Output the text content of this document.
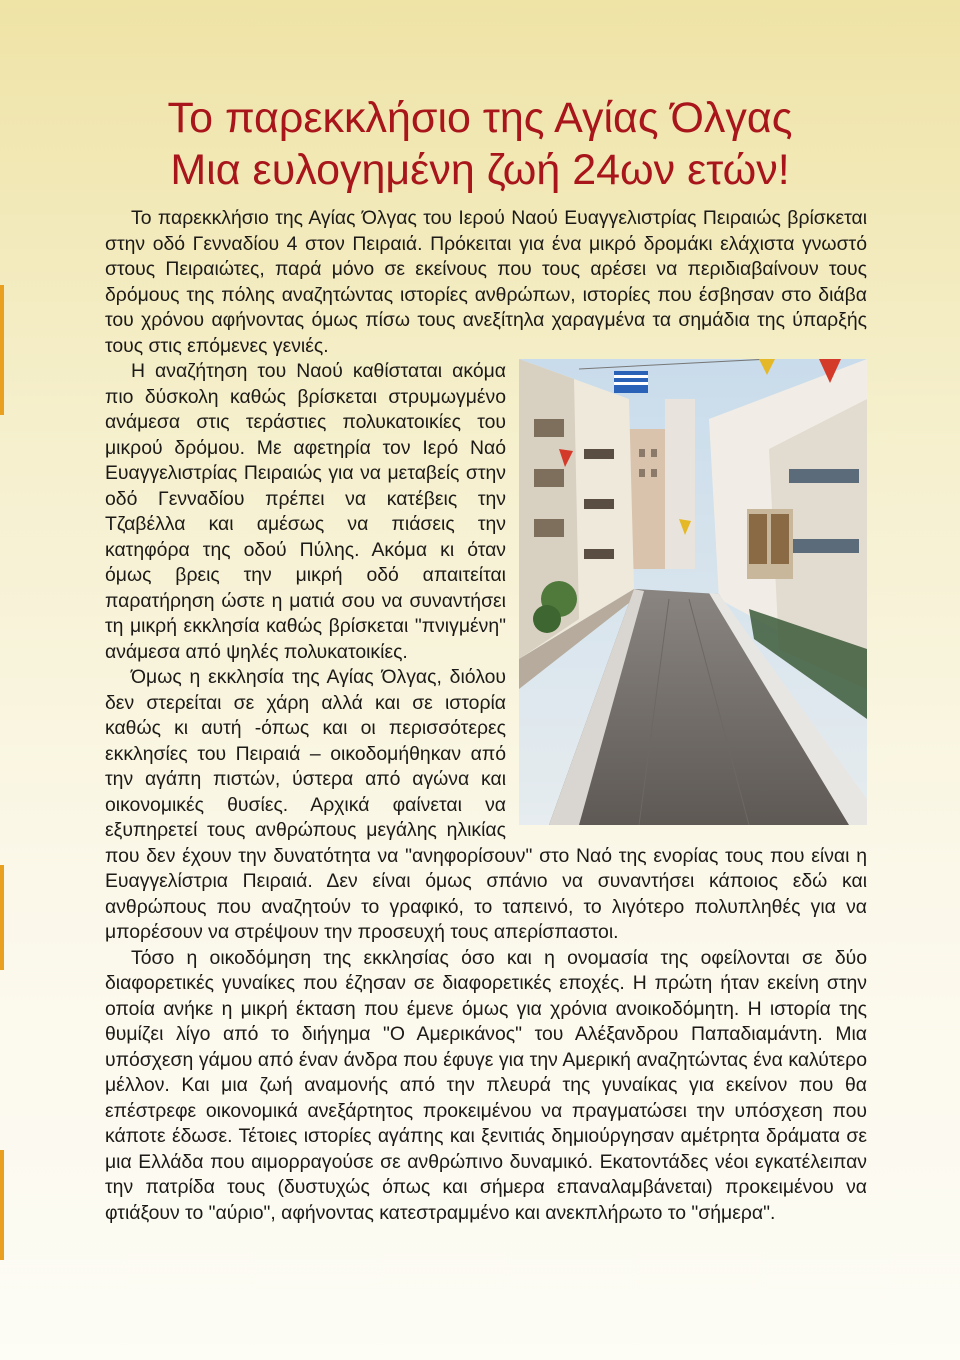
Το παρεκκλήσιο της Αγίας Όλγας
Μια ευλογημένη ζωή 24ων ετών!

Το παρεκκλήσιο της Αγίας Όλγας του Ιερού Ναού Ευαγγελιστρίας Πειραιώς βρίσκεται στην οδό Γενναδίου 4 στον Πειραιά. Πρόκειται για ένα μικρό δρομάκι ελάχιστα γνωστό στους Πειραιώτες, παρά μόνο σε εκείνους που τους αρέσει να περιδιαβαίνουν τους δρόμους της πόλης αναζητώντας ιστορίες ανθρώπων, ιστορίες που έσβησαν στο διάβα του χρόνου αφήνοντας όμως πίσω τους ανεξίτηλα χαραγμένα τα σημάδια της ύπαρξής τους στις επόμενες γενιές.

Η αναζήτηση του Ναού καθίσταται ακόμα πιο δύσκολη καθώς βρίσκεται στρυμωγμένο ανάμεσα στις τεράστιες πολυκατοικίες του μικρού δρόμου. Με αφετηρία τον Ιερό Ναό Ευαγγελιστρίας Πειραιώς για να μεταβείς στην οδό Γενναδίου πρέπει να κατέβεις την Τζαβέλλα και αμέσως να πιάσεις την κατηφόρα της οδού Πύλης. Ακόμα κι όταν όμως βρεις την μικρή οδό απαιτείται παρατήρηση ώστε η ματιά σου να συναντήσει τη μικρή εκκλησία καθώς βρίσκεται "πνιγμένη" ανάμεσα από ψηλές πολυκατοικίες.

Όμως η εκκλησία της Αγίας Όλγας, διόλου δεν στερείται σε χάρη αλλά και σε ιστορία καθώς κι αυτή -όπως και οι περισσότερες εκκλησίες του Πειραιά – οικοδομήθηκαν από την αγάπη πιστών, ύστερα από αγώνα και οικονομικές θυσίες. Αρχικά φαίνεται να εξυπηρετεί τους ανθρώπους μεγάλης ηλικίας που δεν έχουν την δυνατότητα να "ανηφορίσουν" στο Ναό της ενορίας τους που είναι η Ευαγγελίστρια Πειραιά. Δεν είναι όμως σπάνιο να συναντήσει κάποιος εδώ και ανθρώπους που αναζητούν το γραφικό, το ταπεινό, το λιγότερο πολυπληθές για να μπορέσουν να στρέψουν την προσευχή τους απερίσπαστοι.

Τόσο η οικοδόμηση της εκκλησίας όσο και η ονομασία της οφείλονται σε δύο διαφορετικές γυναίκες που έζησαν σε διαφορετικές εποχές. Η πρώτη ήταν εκείνη στην οποία ανήκε η μικρή έκταση που έμενε όμως για χρόνια ανοικοδόμητη. Η ιστορία της θυμίζει λίγο από το διήγημα "Ο Αμερικάνος" του Αλέξανδρου Παπαδιαμάντη. Μια υπόσχεση γάμου από έναν άνδρα που έφυγε για την Αμερική αναζητώντας ένα καλύτερο μέλλον. Και μια ζωή αναμονής από την πλευρά της γυναίκας για εκείνον που θα επέστρεφε οικονομικά ανεξάρτητος προκειμένου να πραγματώσει την υπόσχεση που κάποτε έδωσε. Τέτοιες ιστορίες αγάπης και ξενιτιάς δημιούργησαν αμέτρητα δράματα σε μια Ελλάδα που αιμορραγούσε σε ανθρώπινο δυναμικό. Εκατοντάδες νέοι εγκατέλειπαν την πατρίδα τους (δυστυχώς όπως και σήμερα επαναλαμβάνεται) προκειμένου να φτιάξουν το "αύριο", αφήνοντας κατεστραμμένο και ανεκπλήρωτο το "σήμερα".
